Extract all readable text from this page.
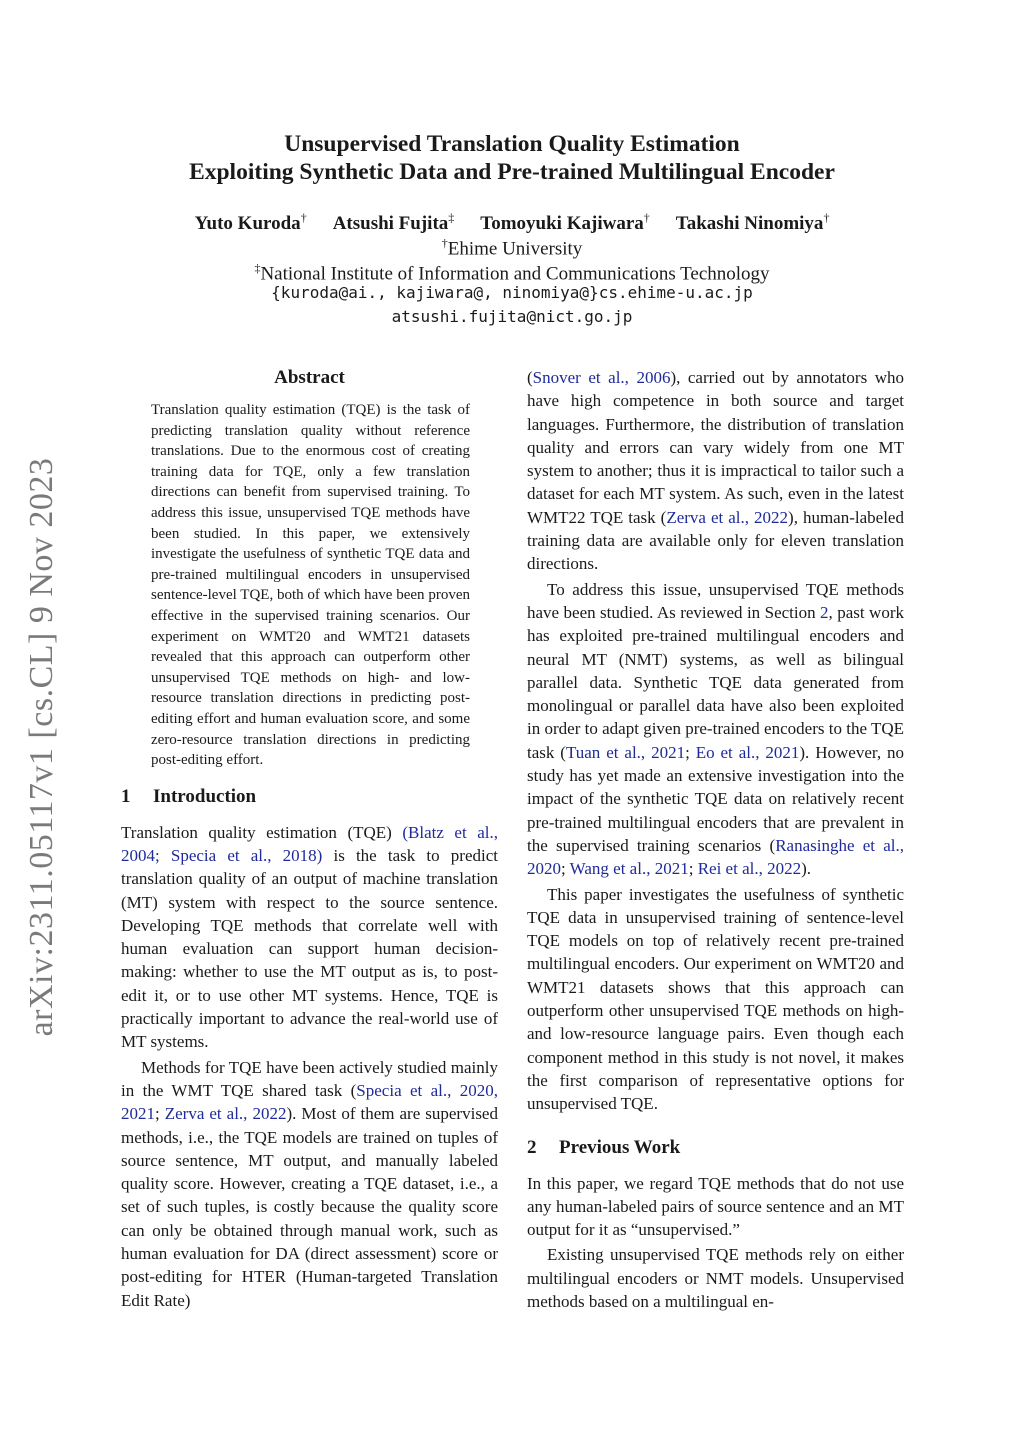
arXiv:2311.05117v1 [cs.CL] 9 Nov 2023
Unsupervised Translation Quality Estimation
Exploiting Synthetic Data and Pre-trained Multilingual Encoder
Yuto Kuroda† Atsushi Fujita‡ Tomoyuki Kajiwara† Takashi Ninomiya†
†Ehime University
‡National Institute of Information and Communications Technology
{kuroda@ai., kajiwara@, ninomiya@}cs.ehime-u.ac.jp
atsushi.fujita@nict.go.jp
Abstract
Translation quality estimation (TQE) is the task of predicting translation quality without reference translations. Due to the enormous cost of creating training data for TQE, only a few translation directions can benefit from supervised training. To address this issue, unsupervised TQE methods have been studied. In this paper, we extensively investigate the usefulness of synthetic TQE data and pre-trained multilingual encoders in unsupervised sentence-level TQE, both of which have been proven effective in the supervised training scenarios. Our experiment on WMT20 and WMT21 datasets revealed that this approach can outperform other unsupervised TQE methods on high- and low-resource translation directions in predicting post-editing effort and human evaluation score, and some zero-resource translation directions in predicting post-editing effort.
1 Introduction

Translation quality estimation (TQE) (Blatz et al., 2004; Specia et al., 2018) is the task to predict translation quality of an output of machine translation (MT) system with respect to the source sentence. Developing TQE methods that correlate well with human evaluation can support human decision-making: whether to use the MT output as is, to post-edit it, or to use other MT systems. Hence, TQE is practically important to advance the real-world use of MT systems.

Methods for TQE have been actively studied mainly in the WMT TQE shared task (Specia et al., 2020, 2021; Zerva et al., 2022). Most of them are supervised methods, i.e., the TQE models are trained on tuples of source sentence, MT output, and manually labeled quality score. However, creating a TQE dataset, i.e., a set of such tuples, is costly because the quality score can only be obtained through manual work, such as human evaluation for DA (direct assessment) score or post-editing for HTER (Human-targeted Translation Edit Rate)

(Snover et al., 2006), carried out by annotators who have high competence in both source and target languages. Furthermore, the distribution of translation quality and errors can vary widely from one MT system to another; thus it is impractical to tailor such a dataset for each MT system. As such, even in the latest WMT22 TQE task (Zerva et al., 2022), human-labeled training data are available only for eleven translation directions.

To address this issue, unsupervised TQE methods have been studied. As reviewed in Section 2, past work has exploited pre-trained multilingual encoders and neural MT (NMT) systems, as well as bilingual parallel data. Synthetic TQE data generated from monolingual or parallel data have also been exploited in order to adapt given pre-trained encoders to the TQE task (Tuan et al., 2021; Eo et al., 2021). However, no study has yet made an extensive investigation into the impact of the synthetic TQE data on relatively recent pre-trained multilingual encoders that are prevalent in the supervised training scenarios (Ranasinghe et al., 2020; Wang et al., 2021; Rei et al., 2022).

This paper investigates the usefulness of synthetic TQE data in unsupervised training of sentence-level TQE models on top of relatively recent pre-trained multilingual encoders. Our experiment on WMT20 and WMT21 datasets shows that this approach can outperform other unsupervised TQE methods on high- and low-resource language pairs. Even though each component method in this study is not novel, it makes the first comparison of representative options for unsupervised TQE.

2 Previous Work

In this paper, we regard TQE methods that do not use any human-labeled pairs of source sentence and an MT output for it as “unsupervised.”

Existing unsupervised TQE methods rely on either multilingual encoders or NMT models. Unsupervised methods based on a multilingual en-
